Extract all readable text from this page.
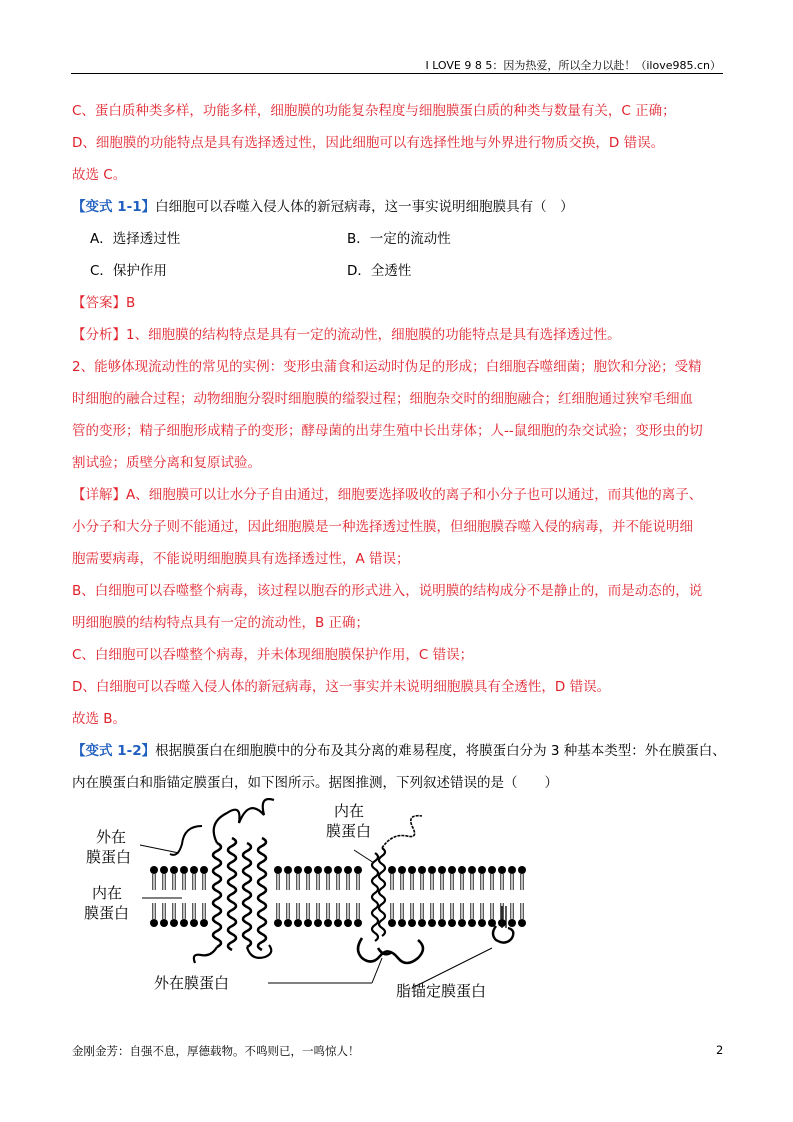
I LOVE 9 8 5：因为热爱，所以全力以赴！（ilove985.cn）
C、蛋白质种类多样，功能多样，细胞膜的功能复杂程度与细胞膜蛋白质的种类与数量有关，C 正确；
D、细胞膜的功能特点是具有选择透过性，因此细胞可以有选择性地与外界进行物质交换，D 错误。
故选 C。
【变式 1-1】白细胞可以吞噬入侵人体的新冠病毒，这一事实说明细胞膜具有（　）
A．选择透过性	B．一定的流动性
C．保护作用	D．全透性
【答案】B
【分析】1、细胞膜的结构特点是具有一定的流动性，细胞膜的功能特点是具有选择透过性。
2、能够体现流动性的常见的实例：变形虫蒲食和运动时伪足的形成；白细胞吞噬细菌；胞饮和分泌；受精
时细胞的融合过程；动物细胞分裂时细胞膜的缢裂过程；细胞杂交时的细胞融合；红细胞通过狭窄毛细血
管的变形；精子细胞形成精子的变形；酵母菌的出芽生殖中长出芽体；人--鼠细胞的杂交试验；变形虫的切
割试验；质壁分离和复原试验。
【详解】A、细胞膜可以让水分子自由通过，细胞要选择吸收的离子和小分子也可以通过，而其他的离子、
小分子和大分子则不能通过，因此细胞膜是一种选择透过性膜，但细胞膜吞噬入侵的病毒，并不能说明细
胞需要病毒，不能说明细胞膜具有选择透过性，A 错误；
B、白细胞可以吞噬整个病毒，该过程以胞吞的形式进入，说明膜的结构成分不是静止的，而是动态的，说
明细胞膜的结构特点具有一定的流动性，B 正确；
C、白细胞可以吞噬整个病毒，并未体现细胞膜保护作用，C 错误；
D、白细胞可以吞噬入侵人体的新冠病毒，这一事实并未说明细胞膜具有全透性，D 错误。
故选 B。
【变式 1-2】根据膜蛋白在细胞膜中的分布及其分离的难易程度，将膜蛋白分为 3 种基本类型：外在膜蛋白、
内在膜蛋白和脂锚定膜蛋白，如下图所示。据图推测，下列叙述错误的是（　　）
外在
膜蛋白
内在
膜蛋白
内在
膜蛋白
外在膜蛋白	脂锚定膜蛋白
金刚金芳：自强不息，厚德载物。不鸣则已，一鸣惊人！	2
